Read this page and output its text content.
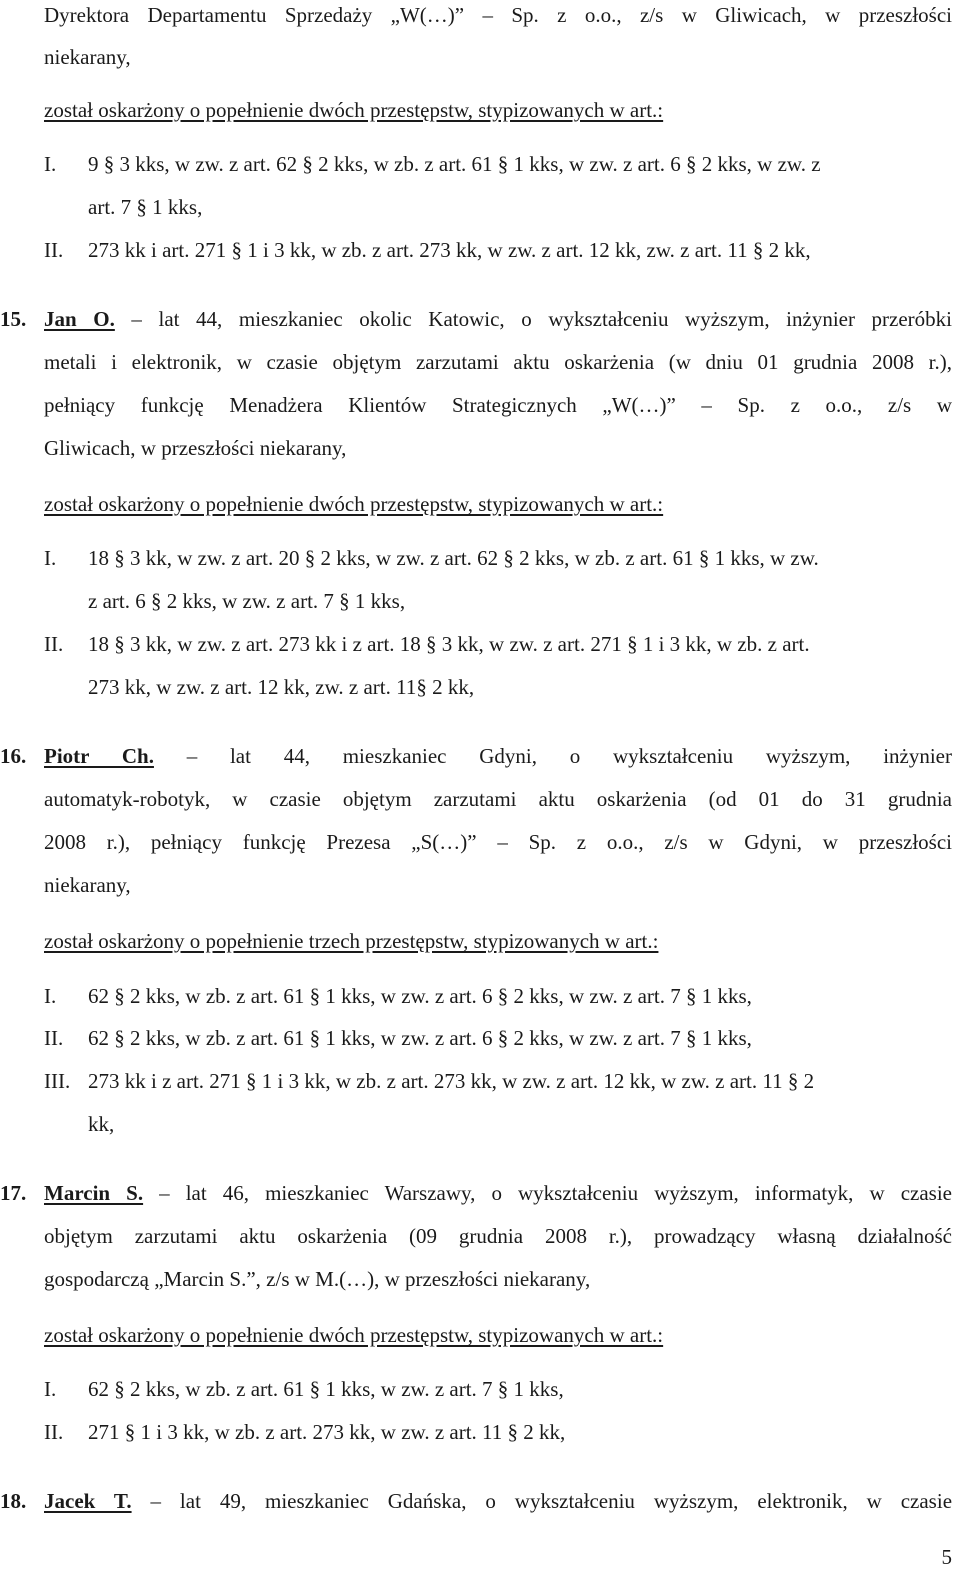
Dyrektora Departamentu Sprzedaży „W(…)” – Sp. z o.o., z/s w Gliwicach, w przeszłości
niekarany,
został oskarżony o popełnienie dwóch przestępstw, stypizowanych w art.:
I. 9 § 3 kks, w zw. z art. 62 § 2 kks, w zb. z art. 61 § 1 kks, w zw. z art. 6 § 2 kks, w zw. z
art. 7 § 1 kks,
II. 273 kk i art. 271 § 1 i 3 kk, w zb. z art. 273 kk, w zw. z art. 12 kk, zw. z art. 11 § 2 kk,
15. Jan O. – lat 44, mieszkaniec okolic Katowic, o wykształceniu wyższym, inżynier przeróbki
metali i elektronik, w czasie objętym zarzutami aktu oskarżenia (w dniu 01 grudnia 2008 r.),
pełniący funkcję Menadżera Klientów Strategicznych „W(…)” – Sp. z o.o., z/s w
Gliwicach, w przeszłości niekarany,
został oskarżony o popełnienie dwóch przestępstw, stypizowanych w art.:
I. 18 § 3 kk, w zw. z art. 20 § 2 kks, w zw. z art. 62 § 2 kks, w zb. z art. 61 § 1 kks, w zw.
z art. 6 § 2 kks, w zw. z art. 7 § 1 kks,
II. 18 § 3 kk, w zw. z art. 273 kk i z art. 18 § 3 kk, w zw. z art. 271 § 1 i 3 kk, w zb. z art.
273 kk, w zw. z art. 12 kk, zw. z art. 11§ 2 kk,
16. Piotr Ch. – lat 44, mieszkaniec Gdyni, o wykształceniu wyższym, inżynier
automatyk-robotyk, w czasie objętym zarzutami aktu oskarżenia (od 01 do 31 grudnia
2008 r.), pełniący funkcję Prezesa „S(…)” – Sp. z o.o., z/s w Gdyni, w przeszłości
niekarany,
został oskarżony o popełnienie trzech przestępstw, stypizowanych w art.:
I. 62 § 2 kks, w zb. z art. 61 § 1 kks, w zw. z art. 6 § 2 kks, w zw. z art. 7 § 1 kks,
II. 62 § 2 kks, w zb. z art. 61 § 1 kks, w zw. z art. 6 § 2 kks, w zw. z art. 7 § 1 kks,
III. 273 kk i z art. 271 § 1 i 3 kk, w zb. z art. 273 kk, w zw. z art. 12 kk, w zw. z art. 11 § 2
kk,
17. Marcin S. – lat 46, mieszkaniec Warszawy, o wykształceniu wyższym, informatyk, w czasie
objętym zarzutami aktu oskarżenia (09 grudnia 2008 r.), prowadzący własną działalność
gospodarczą „Marcin S.”, z/s w M.(…), w przeszłości niekarany,
został oskarżony o popełnienie dwóch przestępstw, stypizowanych w art.:
I. 62 § 2 kks, w zb. z art. 61 § 1 kks, w zw. z art. 7 § 1 kks,
II. 271 § 1 i 3 kk, w zb. z art. 273 kk, w zw. z art. 11 § 2 kk,
18. Jacek T. – lat 49, mieszkaniec Gdańska, o wykształceniu wyższym, elektronik, w czasie
5
